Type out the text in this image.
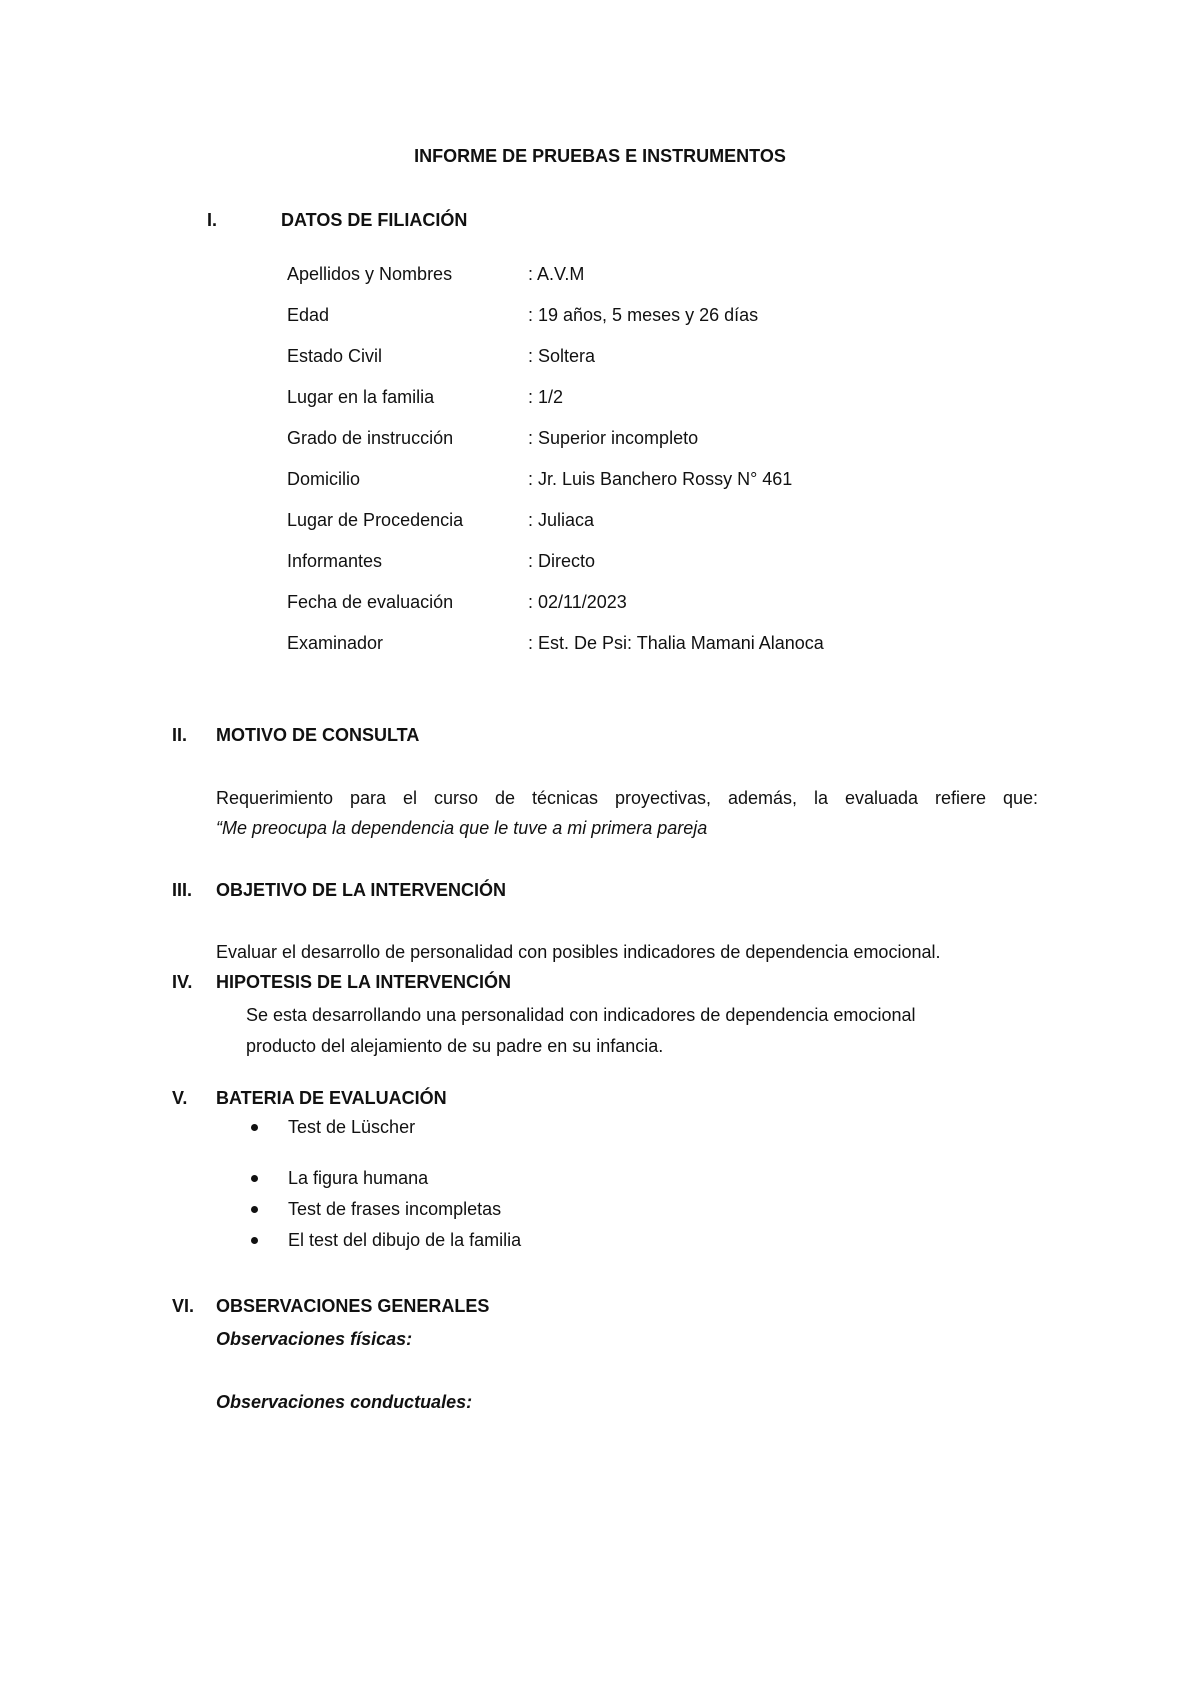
INFORME DE PRUEBAS E INSTRUMENTOS
I.	DATOS DE FILIACIÓN
Apellidos y Nombres	: A.V.M
Edad	: 19 años, 5 meses y 26 días
Estado Civil	: Soltera
Lugar en la familia	: 1/2
Grado de instrucción	: Superior incompleto
Domicilio	: Jr. Luis Banchero Rossy N° 461
Lugar de Procedencia	: Juliaca
Informantes	: Directo
Fecha de evaluación	: 02/11/2023
Examinador	: Est. De Psi: Thalia Mamani Alanoca
II. MOTIVO DE CONSULTA
Requerimiento para el curso de técnicas proyectivas, además, la evaluada refiere que:
“Me preocupa la dependencia que le tuve a mi primera pareja
III. OBJETIVO DE LA INTERVENCIÓN
Evaluar el desarrollo de personalidad con posibles indicadores de dependencia emocional.
IV. HIPOTESIS DE LA INTERVENCIÓN
Se esta desarrollando una personalidad con indicadores de dependencia emocional
producto del alejamiento de su padre en su infancia.
V. BATERIA DE EVALUACIÓN
Test de Lüscher
La figura humana
Test de frases incompletas
El test del dibujo de la familia
VI. OBSERVACIONES GENERALES
Observaciones físicas:
Observaciones conductuales:
